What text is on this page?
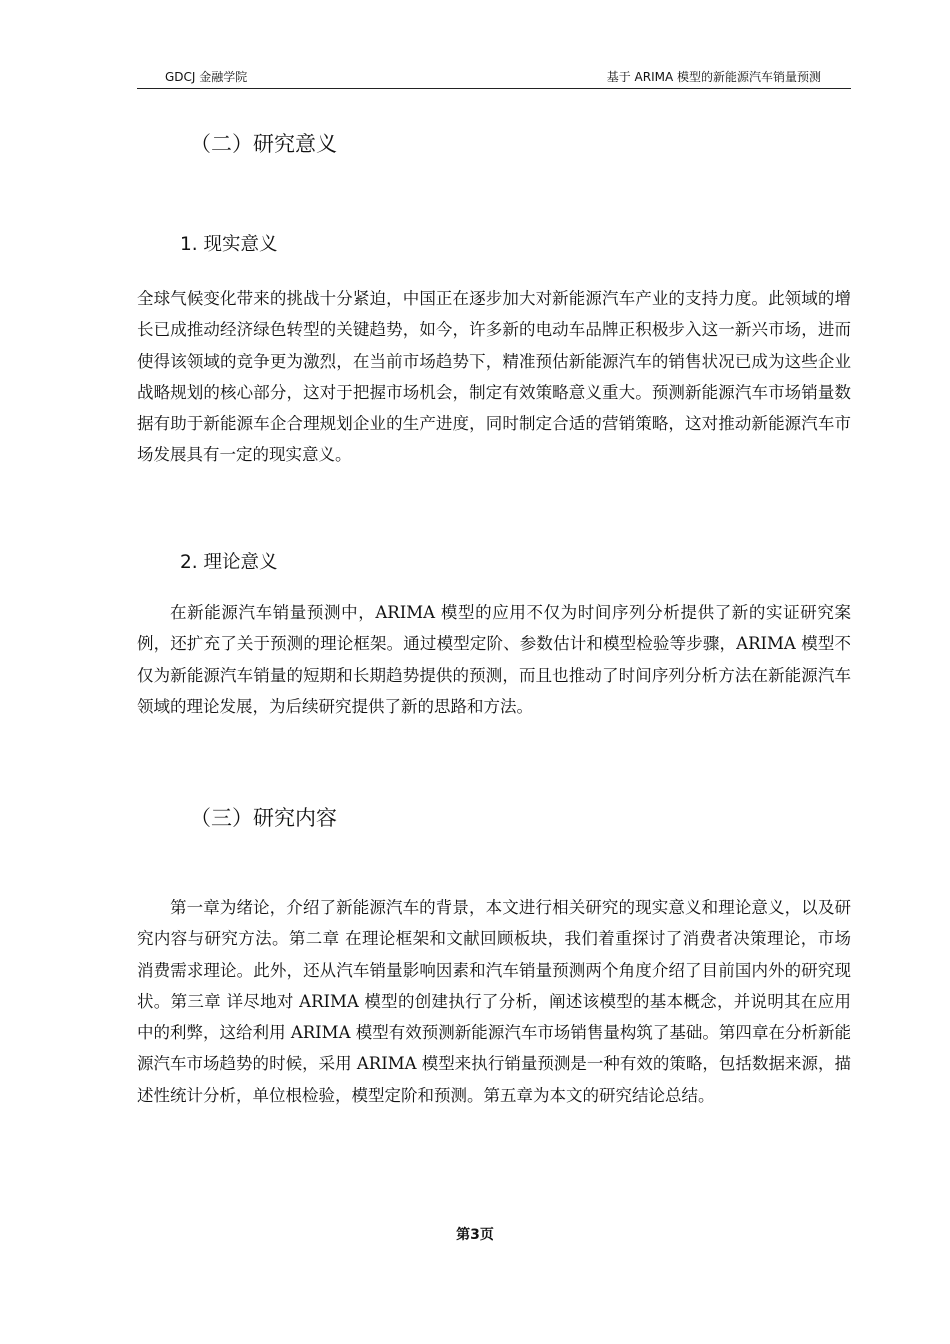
GDCJ 金融学院	基于 ARIMA 模型的新能源汽车销量预测
（二）研究意义
1. 现实意义

全球气候变化带来的挑战十分紧迫，中国正在逐步加大对新能源汽车产业的支持力度。此领域的增长已成推动经济绿色转型的关键趋势，如今，许多新的电动车品牌正积极步入这一新兴市场，进而使得该领域的竞争更为激烈，在当前市场趋势下，精准预估新能源汽车的销售状况已成为这些企业战略规划的核心部分，这对于把握市场机会，制定有效策略意义重大。预测新能源汽车市场销量数据有助于新能源车企合理规划企业的生产进度，同时制定合适的营销策略，这对推动新能源汽车市场发展具有一定的现实意义。

2. 理论意义

在新能源汽车销量预测中，ARIMA 模型的应用不仅为时间序列分析提供了新的实证研究案例，还扩充了关于预测的理论框架。通过模型定阶、参数估计和模型检验等步骤，ARIMA 模型不仅为新能源汽车销量的短期和长期趋势提供的预测，而且也推动了时间序列分析方法在新能源汽车领域的理论发展，为后续研究提供了新的思路和方法。

（三）研究内容

第一章为绪论，介绍了新能源汽车的背景，本文进行相关研究的现实意义和理论意义，以及研究内容与研究方法。第二章 在理论框架和文献回顾板块，我们着重探讨了消费者决策理论，市场消费需求理论。此外，还从汽车销量影响因素和汽车销量预测两个角度介绍了目前国内外的研究现状。第三章 详尽地对 ARIMA 模型的创建执行了分析，阐述该模型的基本概念，并说明其在应用中的利弊，这给利用 ARIMA 模型有效预测新能源汽车市场销售量构筑了基础。第四章在分析新能源汽车市场趋势的时候，采用 ARIMA 模型来执行销量预测是一种有效的策略，包括数据来源，描述性统计分析，单位根检验，模型定阶和预测。第五章为本文的研究结论总结。

第3页
